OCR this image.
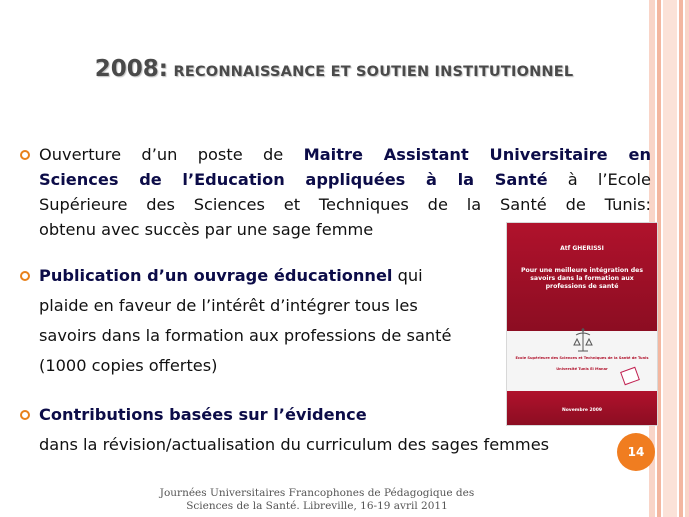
2008: RECONNAISSANCE ET SOUTIEN INSTITUTIONNEL
Ouverture d’un poste de Maitre Assistant Universitaire en
Sciences de l’Education appliquées à la Santé à l’Ecole
Supérieure des Sciences et Techniques de la Santé de Tunis:
obtenu avec succès par une sage femme
Publication d’un ouvrage éducationnel qui
plaide en faveur de l’intérêt d’intégrer tous les
savoirs dans la formation aux professions de santé
(1000 copies offertes)
Contributions basées sur l’évidence
dans la révision/actualisation du curriculum des sages femmes
Atf GHERISSI
Pour une meilleure intégration des savoirs dans la formation aux professions de santé
Ecole Supérieure des Sciences et Techniques de la Santé de Tunis
Université Tunis El Manar
Novembre 2009
14
Journées Universitaires Francophones de Pédagogique des
Sciences de la Santé. Libreville, 16-19 avril 2011
